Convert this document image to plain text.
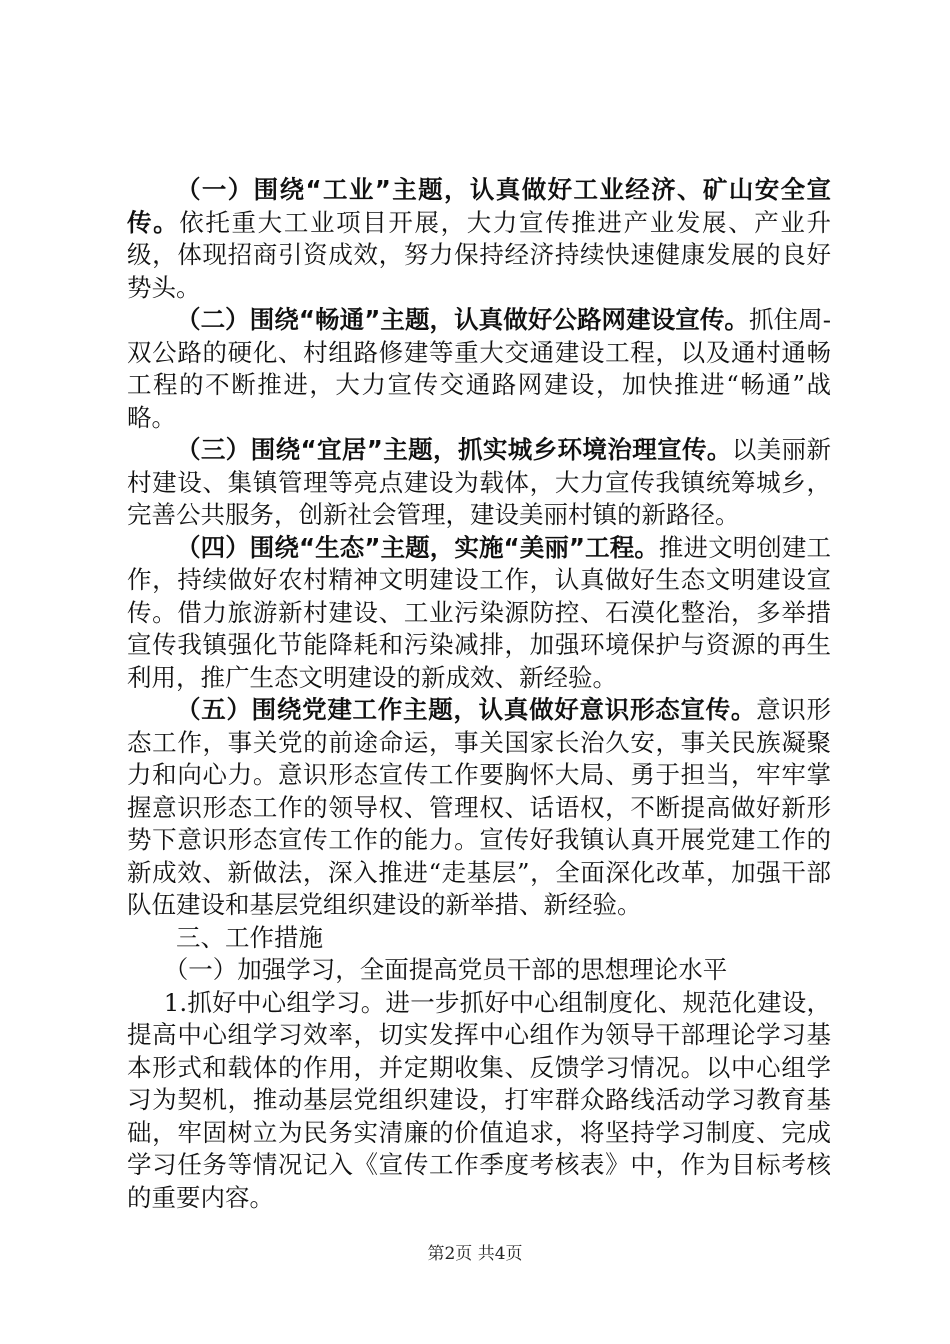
（一）围绕“工业”主题，认真做好工业经济、矿山安全宣传。依托重大工业项目开展，大力宣传推进产业发展、产业升级，体现招商引资成效，努力保持经济持续快速健康发展的良好势头。

（二）围绕“畅通”主题，认真做好公路网建设宣传。抓住周-双公路的硬化、村组路修建等重大交通建设工程，以及通村通畅工程的不断推进，大力宣传交通路网建设，加快推进“畅通”战略。

（三）围绕“宜居”主题，抓实城乡环境治理宣传。以美丽新村建设、集镇管理等亮点建设为载体，大力宣传我镇统筹城乡，完善公共服务，创新社会管理，建设美丽村镇的新路径。

（四）围绕“生态”主题，实施“美丽”工程。推进文明创建工作，持续做好农村精神文明建设工作，认真做好生态文明建设宣传。借力旅游新村建设、工业污染源防控、石漠化整治，多举措宣传我镇强化节能降耗和污染减排，加强环境保护与资源的再生利用，推广生态文明建设的新成效、新经验。

（五）围绕党建工作主题，认真做好意识形态宣传。意识形态工作，事关党的前途命运，事关国家长治久安，事关民族凝聚力和向心力。意识形态宣传工作要胸怀大局、勇于担当，牢牢掌握意识形态工作的领导权、管理权、话语权，不断提高做好新形势下意识形态宣传工作的能力。宣传好我镇认真开展党建工作的新成效、新做法，深入推进“走基层”，全面深化改革，加强干部队伍建设和基层党组织建设的新举措、新经验。

三、工作措施

（一）加强学习，全面提高党员干部的思想理论水平

1.抓好中心组学习。进一步抓好中心组制度化、规范化建设，提高中心组学习效率，切实发挥中心组作为领导干部理论学习基本形式和载体的作用，并定期收集、反馈学习情况。以中心组学习为契机，推动基层党组织建设，打牢群众路线活动学习教育基础，牢固树立为民务实清廉的价值追求，将坚持学习制度、完成学习任务等情况记入《宣传工作季度考核表》中，作为目标考核的重要内容。

第2页 共4页
